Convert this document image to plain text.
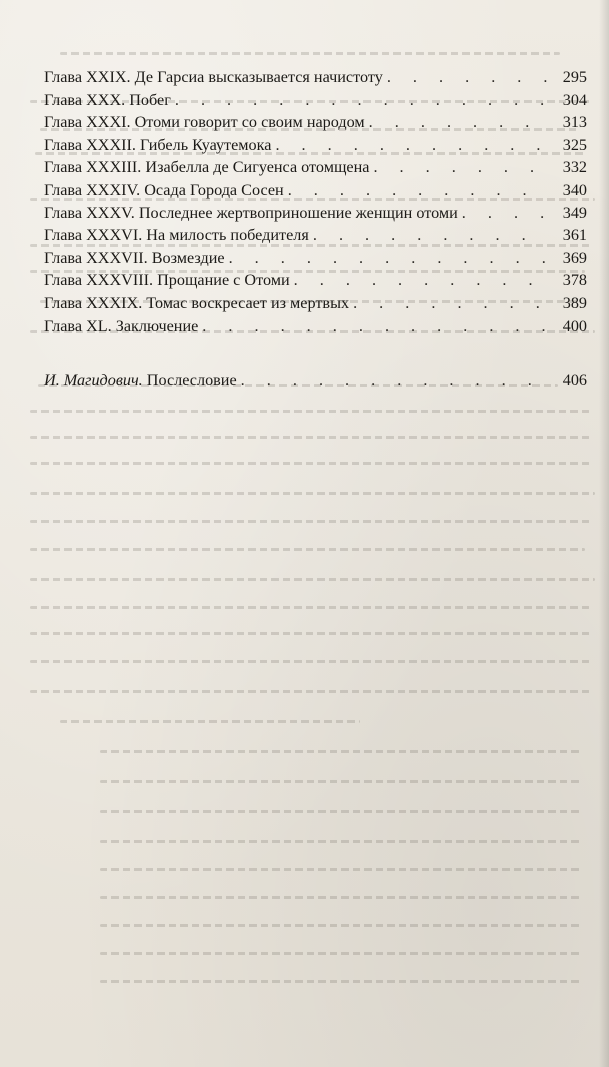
Глава XXIX. Де Гарсиа высказывается начистоту . . .	295
Глава XXX. Побег . . .	304
Глава XXXI. Отоми говорит со своим народом . . .	313
Глава XXXII. Гибель Куаутемока . . .	325
Глава XXXIII. Изабелла де Сигуенса отомщена . . .	332
Глава XXXIV. Осада Города Сосен . . .	340
Глава XXXV. Последнее жертвоприношение женщин отоми . . .	349
Глава XXXVI. На милость победителя . . .	361
Глава XXXVII. Возмездие . . .	369
Глава XXXVIII. Прощание с Отоми . . .	378
Глава XXXIX. Томас воскресает из мертвых . . .	389
Глава XL. Заключение . . .	400
И. Магидович. Послесловие . . .	406
